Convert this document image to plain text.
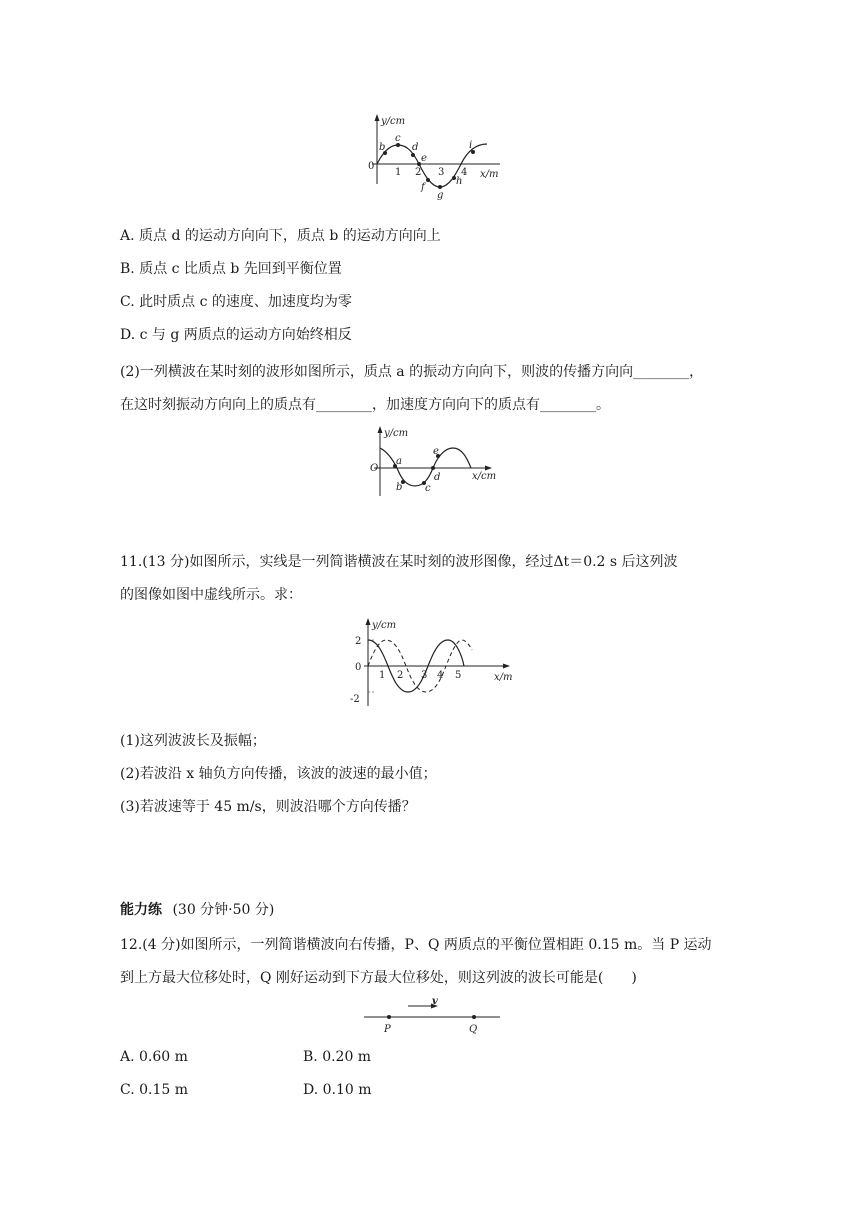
y/cm
x/m
0
1 2 3 4
b
c
d
e
f
g
h
i
A. 质点 d 的运动方向向下，质点 b 的运动方向向上
B. 质点 c 比质点 b 先回到平衡位置
C. 此时质点 c 的速度、加速度均为零
D. c 与 g 两质点的运动方向始终相反
(2)一列横波在某时刻的波形如图所示，质点 a 的振动方向向下，则波的传播方向向________，
在这时刻振动方向向上的质点有________，加速度方向向下的质点有________。
y/cm
x/cm
O
a
b c
d
e
11.(13 分)如图所示，实线是一列简谐横波在某时刻的波形图像，经过Δt＝0.2 s 后这列波
的图像如图中虚线所示。求：
y/cm
x/m
2
0
-2
1 2 3 4 5
(1)这列波波长及振幅；
(2)若波沿 x 轴负方向传播，该波的波速的最小值；
(3)若波速等于 45 m/s，则波沿哪个方向传播？
能力练 (30 分钟·50 分)
12.(4 分)如图所示，一列简谐横波向右传播，P、Q 两质点的平衡位置相距 0.15 m。当 P 运动
到上方最大位移处时，Q 刚好运动到下方最大位移处，则这列波的波长可能是(　　)
v
P	Q
A. 0.60 m	B. 0.20 m
C. 0.15 m	D. 0.10 m
